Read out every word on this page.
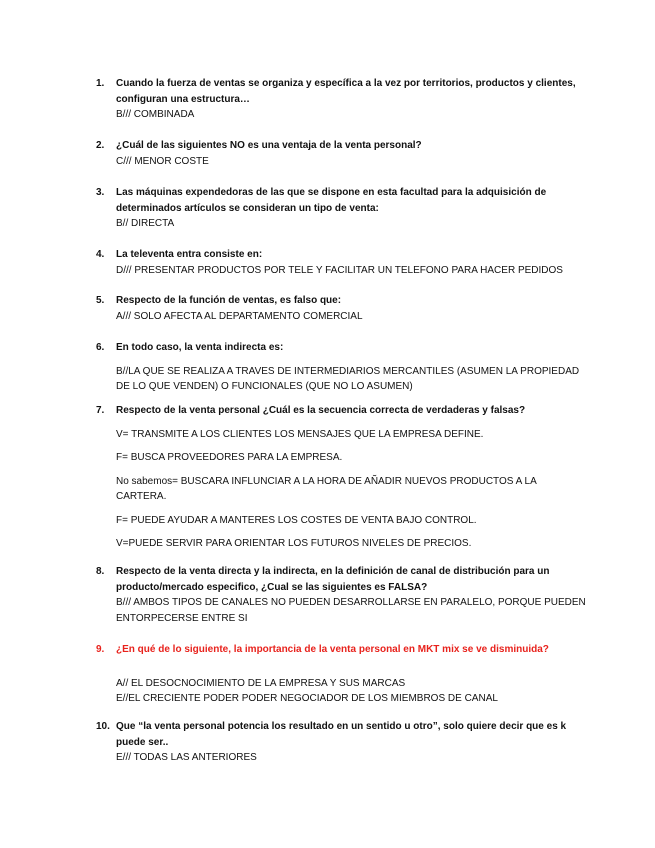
1. Cuando la fuerza de ventas se organiza y específica a la vez por territorios, productos y clientes, configuran una estructura…
B/// COMBINADA
2. ¿Cuál de las siguientes NO es una ventaja de la venta personal?
C/// MENOR COSTE
3. Las máquinas expendedoras de las que se dispone en esta facultad para la adquisición de determinados artículos se consideran un tipo de venta:
B// DIRECTA
4. La televenta entra consiste en:
D/// PRESENTAR PRODUCTOS POR TELE Y FACILITAR UN TELEFONO PARA HACER PEDIDOS
5. Respecto de la función de ventas, es falso que:
A/// SOLO AFECTA AL DEPARTAMENTO COMERCIAL
6. En todo caso, la venta indirecta es:
B//LA QUE SE REALIZA A TRAVES DE INTERMEDIARIOS MERCANTILES (ASUMEN LA PROPIEDAD DE LO QUE VENDEN) O FUNCIONALES (QUE NO LO ASUMEN)
7. Respecto de la venta personal ¿Cuál es la secuencia correcta de verdaderas y falsas?
V= TRANSMITE A LOS CLIENTES LOS MENSAJES QUE LA EMPRESA DEFINE.
F= BUSCA PROVEEDORES PARA LA EMPRESA.
No sabemos= BUSCARA INFLUNCIAR A LA HORA DE AÑADIR NUEVOS PRODUCTOS A LA CARTERA.
F= PUEDE AYUDAR A MANTERES LOS COSTES DE VENTA BAJO CONTROL.
V=PUEDE SERVIR PARA ORIENTAR LOS FUTUROS NIVELES DE PRECIOS.
8. Respecto de la venta directa y la indirecta, en la definición de canal de distribución para un producto/mercado especifico, ¿Cual se las siguientes es FALSA?
B/// AMBOS TIPOS DE CANALES NO PUEDEN DESARROLLARSE EN PARALELO, PORQUE PUEDEN ENTORPECERSE ENTRE SI
9. ¿En qué de lo siguiente, la importancia de la venta personal en MKT mix se ve disminuida?
A// EL DESOCNOCIMIENTO DE LA EMPRESA Y SUS MARCAS
E//EL CRECIENTE PODER PODER NEGOCIADOR DE LOS MIEMBROS DE CANAL
10. Que “la venta personal potencia los resultado en un sentido u otro”, solo quiere decir que es k puede ser..
E/// TODAS LAS ANTERIORES
